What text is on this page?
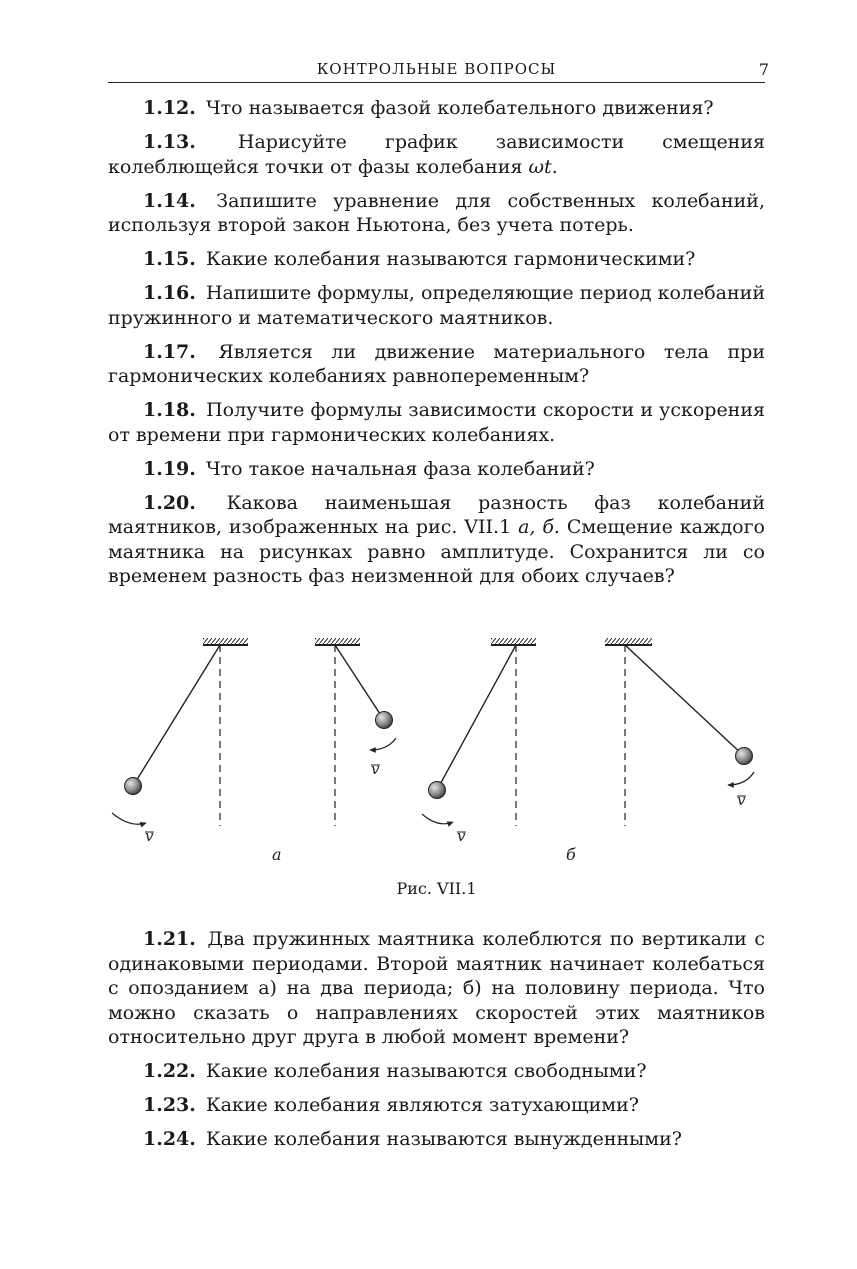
КОНТРОЛЬНЫЕ ВОПРОСЫ	7

1.12. Что называется фазой колебательного движения?

1.13. Нарисуйте график зависимости смещения колеблющейся точки от фазы колебания ωt.

1.14. Запишите уравнение для собственных колебаний, используя второй закон Ньютона, без учета потерь.

1.15. Какие колебания называются гармоническими?

1.16. Напишите формулы, определяющие период колебаний пружинного и математического маятников.

1.17. Является ли движение материального тела при гармонических колебаниях равнопеременным?

1.18. Получите формулы зависимости скорости и ускорения от времени при гармонических колебаниях.

1.19. Что такое начальная фаза колебаний?

1.20. Какова наименьшая разность фаз колебаний маятников, изображенных на рис. VII.1 а, б. Смещение каждого маятника на рисунках равно амплитуде. Сохранится ли со временем разность фаз неизменной для обоих случаев?

v
v
v
v
а	б
Рис. VII.1

1.21. Два пружинных маятника колеблются по вертикали с одинаковыми периодами. Второй маятник начинает колебаться с опозданием а) на два периода; б) на половину периода. Что можно сказать о направлениях скоростей этих маятников относительно друг друга в любой момент времени?

1.22. Какие колебания называются свободными?

1.23. Какие колебания являются затухающими?

1.24. Какие колебания называются вынужденными?
